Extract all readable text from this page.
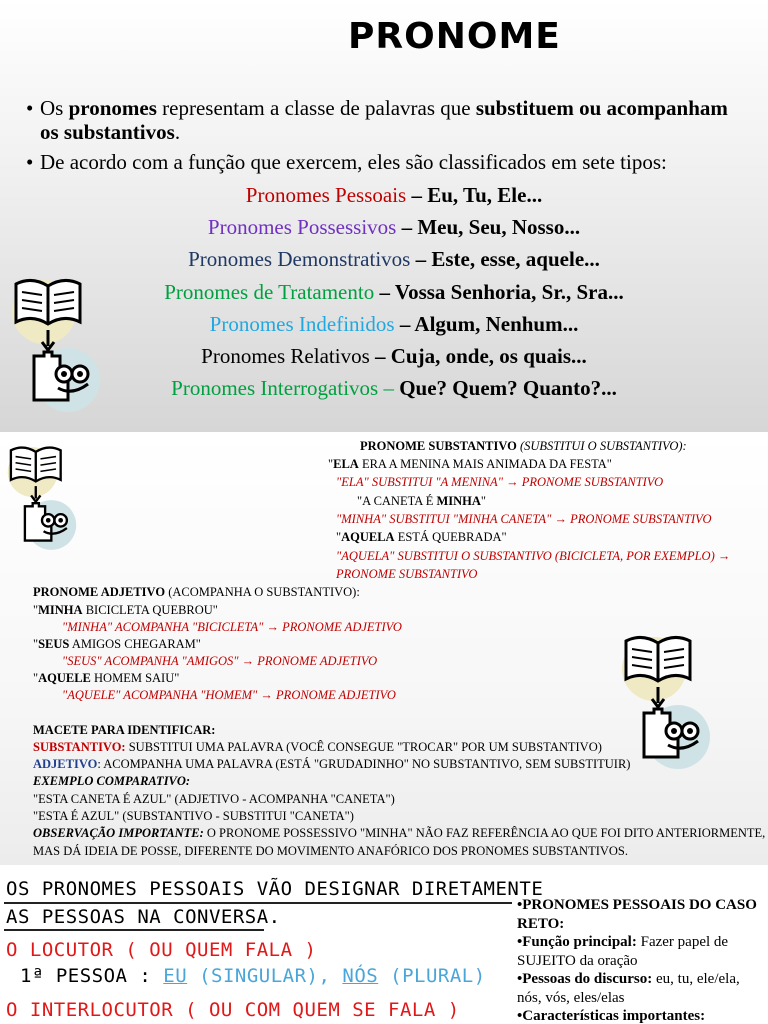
PRONOME
• Os pronomes representam a classe de palavras que substituem ou acompanham os substantivos.
• De acordo com a função que exercem, eles são classificados em sete tipos:
Pronomes Pessoais – Eu, Tu, Ele...
Pronomes Possessivos – Meu, Seu, Nosso...
Pronomes Demonstrativos – Este, esse, aquele...
Pronomes de Tratamento – Vossa Senhoria, Sr., Sra...
Pronomes Indefinidos – Algum, Nenhum...
Pronomes Relativos – Cuja, onde, os quais...
Pronomes Interrogativos – Que? Quem? Quanto?...
PRONOME SUBSTANTIVO (SUBSTITUI O SUBSTANTIVO):
"ELA ERA A MENINA MAIS ANIMADA DA FESTA"
"ELA" SUBSTITUI "A MENINA" → PRONOME SUBSTANTIVO
"A CANETA É MINHA"
"MINHA" SUBSTITUI "MINHA CANETA" → PRONOME SUBSTANTIVO
"AQUELA ESTÁ QUEBRADA"
"AQUELA" SUBSTITUI O SUBSTANTIVO (BICICLETA, POR EXEMPLO) →
PRONOME SUBSTANTIVO
PRONOME ADJETIVO (ACOMPANHA O SUBSTANTIVO):
"MINHA BICICLETA QUEBROU"
"MINHA" ACOMPANHA "BICICLETA" → PRONOME ADJETIVO
"SEUS AMIGOS CHEGARAM"
"SEUS" ACOMPANHA "AMIGOS" → PRONOME ADJETIVO
"AQUELE HOMEM SAIU"
"AQUELE" ACOMPANHA "HOMEM" → PRONOME ADJETIVO
MACETE PARA IDENTIFICAR:
SUBSTANTIVO: SUBSTITUI UMA PALAVRA (VOCÊ CONSEGUE "TROCAR" POR UM SUBSTANTIVO)
ADJETIVO: ACOMPANHA UMA PALAVRA (ESTÁ "GRUDADINHO" NO SUBSTANTIVO, SEM SUBSTITUIR)
EXEMPLO COMPARATIVO:
"ESTA CANETA É AZUL" (ADJETIVO - ACOMPANHA "CANETA")
"ESTA É AZUL" (SUBSTANTIVO - SUBSTITUI "CANETA")
OBSERVAÇÃO IMPORTANTE: O PRONOME POSSESSIVO "MINHA" NÃO FAZ REFERÊNCIA AO QUE FOI DITO ANTERIORMENTE,
MAS DÁ IDEIA DE POSSE, DIFERENTE DO MOVIMENTO ANAFÓRICO DOS PRONOMES SUBSTANTIVOS.
OS PRONOMES PESSOAIS VÃO DESIGNAR DIRETAMENTE
AS PESSOAS NA CONVERSA.
O LOCUTOR ( OU QUEM FALA )
1ª PESSOA : EU (SINGULAR), NÓS (PLURAL)
O INTERLOCUTOR ( OU COM QUEM SE FALA )
•PRONOMES PESSOAIS DO CASO RETO:
•Função principal: Fazer papel de SUJEITO da oração
•Pessoas do discurso: eu, tu, ele/ela, nós, vós, eles/elas
•Características importantes:
